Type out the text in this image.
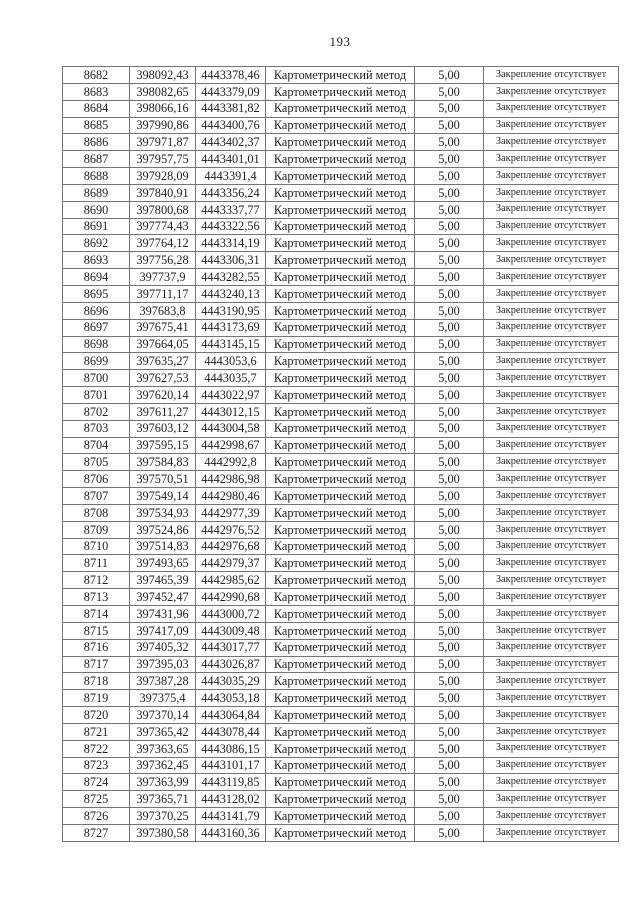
193
8682	398092,43	4443378,46	Картометрический метод	5,00	Закрепление отсутствует
8683	398082,65	4443379,09	Картометрический метод	5,00	Закрепление отсутствует
8684	398066,16	4443381,82	Картометрический метод	5,00	Закрепление отсутствует
8685	397990,86	4443400,76	Картометрический метод	5,00	Закрепление отсутствует
8686	397971,87	4443402,37	Картометрический метод	5,00	Закрепление отсутствует
8687	397957,75	4443401,01	Картометрический метод	5,00	Закрепление отсутствует
8688	397928,09	4443391,4	Картометрический метод	5,00	Закрепление отсутствует
8689	397840,91	4443356,24	Картометрический метод	5,00	Закрепление отсутствует
8690	397800,68	4443337,77	Картометрический метод	5,00	Закрепление отсутствует
8691	397774,43	4443322,56	Картометрический метод	5,00	Закрепление отсутствует
8692	397764,12	4443314,19	Картометрический метод	5,00	Закрепление отсутствует
8693	397756,28	4443306,31	Картометрический метод	5,00	Закрепление отсутствует
8694	397737,9	4443282,55	Картометрический метод	5,00	Закрепление отсутствует
8695	397711,17	4443240,13	Картометрический метод	5,00	Закрепление отсутствует
8696	397683,8	4443190,95	Картометрический метод	5,00	Закрепление отсутствует
8697	397675,41	4443173,69	Картометрический метод	5,00	Закрепление отсутствует
8698	397664,05	4443145,15	Картометрический метод	5,00	Закрепление отсутствует
8699	397635,27	4443053,6	Картометрический метод	5,00	Закрепление отсутствует
8700	397627,53	4443035,7	Картометрический метод	5,00	Закрепление отсутствует
8701	397620,14	4443022,97	Картометрический метод	5,00	Закрепление отсутствует
8702	397611,27	4443012,15	Картометрический метод	5,00	Закрепление отсутствует
8703	397603,12	4443004,58	Картометрический метод	5,00	Закрепление отсутствует
8704	397595,15	4442998,67	Картометрический метод	5,00	Закрепление отсутствует
8705	397584,83	4442992,8	Картометрический метод	5,00	Закрепление отсутствует
8706	397570,51	4442986,98	Картометрический метод	5,00	Закрепление отсутствует
8707	397549,14	4442980,46	Картометрический метод	5,00	Закрепление отсутствует
8708	397534,93	4442977,39	Картометрический метод	5,00	Закрепление отсутствует
8709	397524,86	4442976,52	Картометрический метод	5,00	Закрепление отсутствует
8710	397514,83	4442976,68	Картометрический метод	5,00	Закрепление отсутствует
8711	397493,65	4442979,37	Картометрический метод	5,00	Закрепление отсутствует
8712	397465,39	4442985,62	Картометрический метод	5,00	Закрепление отсутствует
8713	397452,47	4442990,68	Картометрический метод	5,00	Закрепление отсутствует
8714	397431,96	4443000,72	Картометрический метод	5,00	Закрепление отсутствует
8715	397417,09	4443009,48	Картометрический метод	5,00	Закрепление отсутствует
8716	397405,32	4443017,77	Картометрический метод	5,00	Закрепление отсутствует
8717	397395,03	4443026,87	Картометрический метод	5,00	Закрепление отсутствует
8718	397387,28	4443035,29	Картометрический метод	5,00	Закрепление отсутствует
8719	397375,4	4443053,18	Картометрический метод	5,00	Закрепление отсутствует
8720	397370,14	4443064,84	Картометрический метод	5,00	Закрепление отсутствует
8721	397365,42	4443078,44	Картометрический метод	5,00	Закрепление отсутствует
8722	397363,65	4443086,15	Картометрический метод	5,00	Закрепление отсутствует
8723	397362,45	4443101,17	Картометрический метод	5,00	Закрепление отсутствует
8724	397363,99	4443119,85	Картометрический метод	5,00	Закрепление отсутствует
8725	397365,71	4443128,02	Картометрический метод	5,00	Закрепление отсутствует
8726	397370,25	4443141,79	Картометрический метод	5,00	Закрепление отсутствует
8727	397380,58	4443160,36	Картометрический метод	5,00	Закрепление отсутствует
